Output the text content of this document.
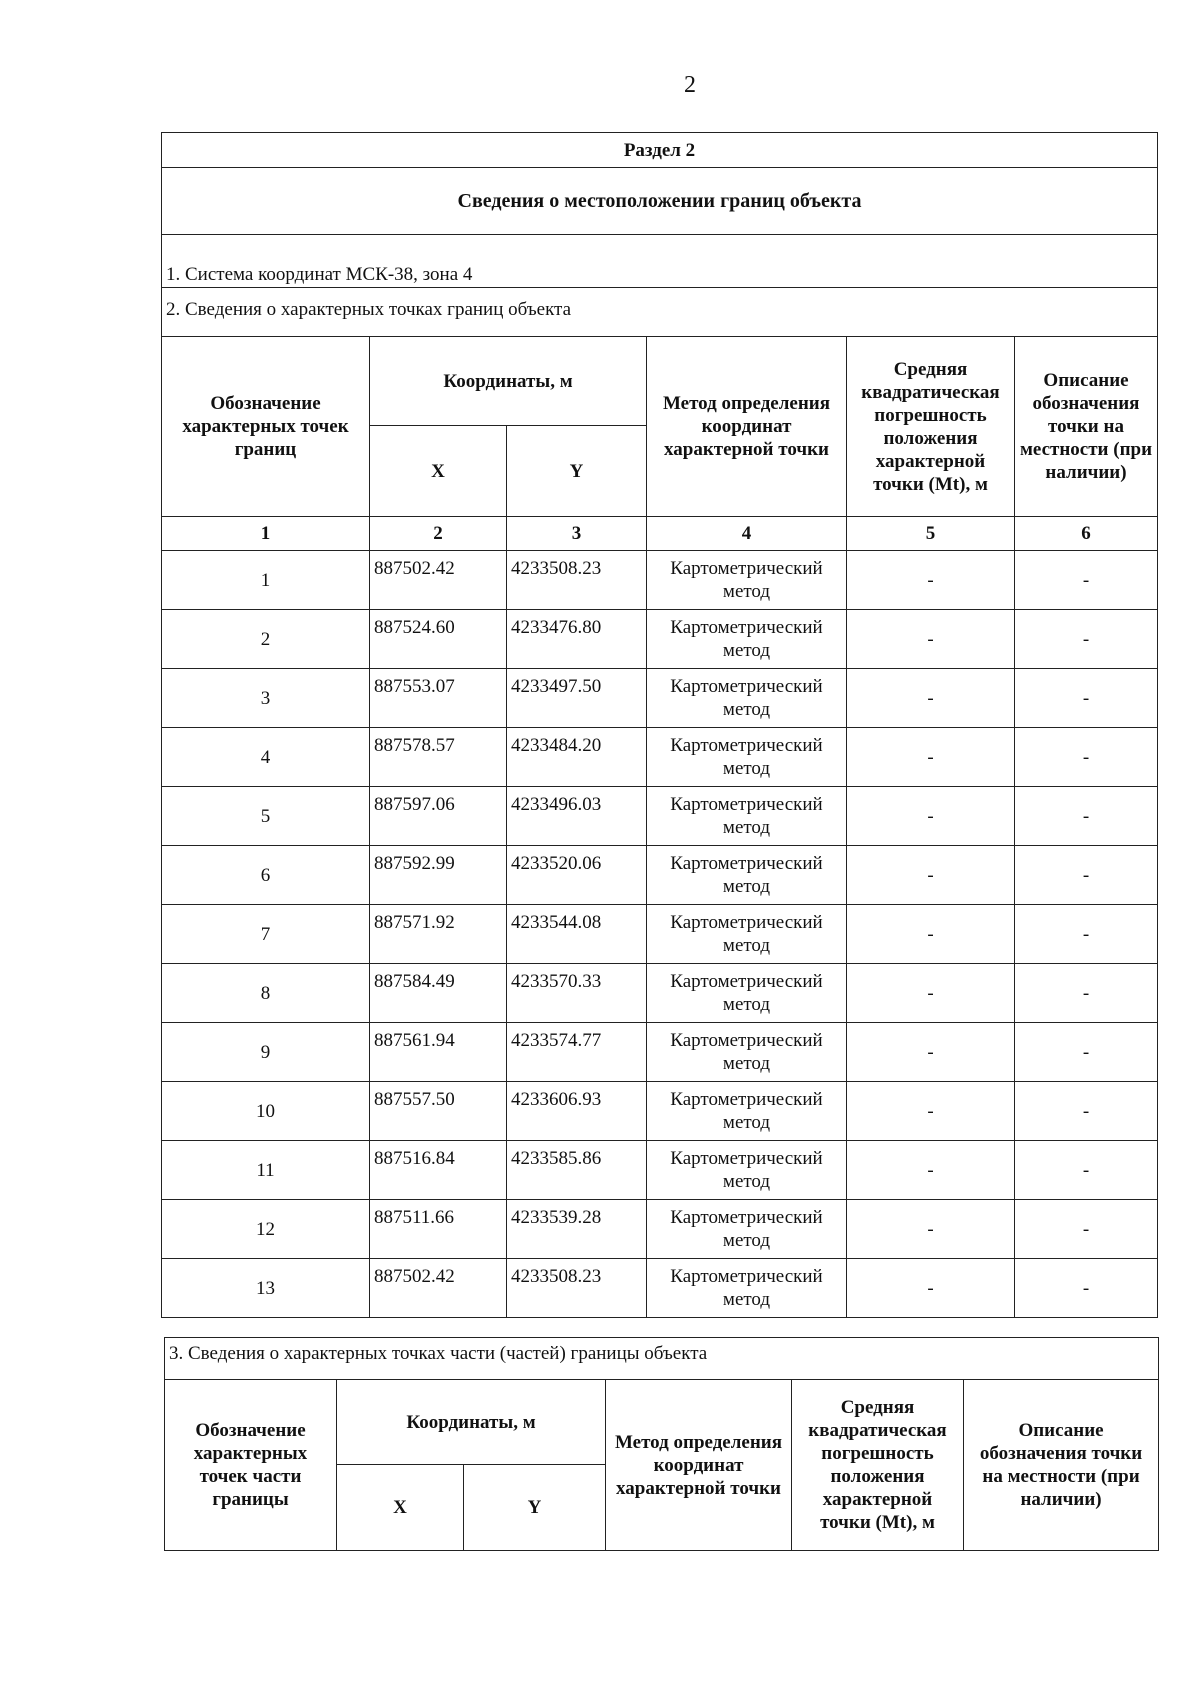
2
Раздел 2					
Сведения о местоположении границ объекта					
1. Система координат МСК-38, зона 4					
2. Сведения о характерных точках границ объекта					
Обозначение характерных точек границ	Координаты, м		Метод определения координат характерной точки	Средняя квадратическая погрешность положения характерной точки (Mt), м	Описание обозначения точки на местности (при наличии)
	X	Y			
1	2	3	4	5	6
1	887502.42	4233508.23	Картометрический метод	-	-
2	887524.60	4233476.80	Картометрический метод	-	-
3	887553.07	4233497.50	Картометрический метод	-	-
4	887578.57	4233484.20	Картометрический метод	-	-
5	887597.06	4233496.03	Картометрический метод	-	-
6	887592.99	4233520.06	Картометрический метод	-	-
7	887571.92	4233544.08	Картометрический метод	-	-
8	887584.49	4233570.33	Картометрический метод	-	-
9	887561.94	4233574.77	Картометрический метод	-	-
10	887557.50	4233606.93	Картометрический метод	-	-
11	887516.84	4233585.86	Картометрический метод	-	-
12	887511.66	4233539.28	Картометрический метод	-	-
13	887502.42	4233508.23	Картометрический метод	-	-
3. Сведения о характерных точках части (частей) границы объекта					
Обозначение характерных точек части границы	Координаты, м		Метод определения координат характерной точки	Средняя квадратическая погрешность положения характерной точки (Mt), м	Описание обозначения точки на местности (при наличии)
	X	Y			
